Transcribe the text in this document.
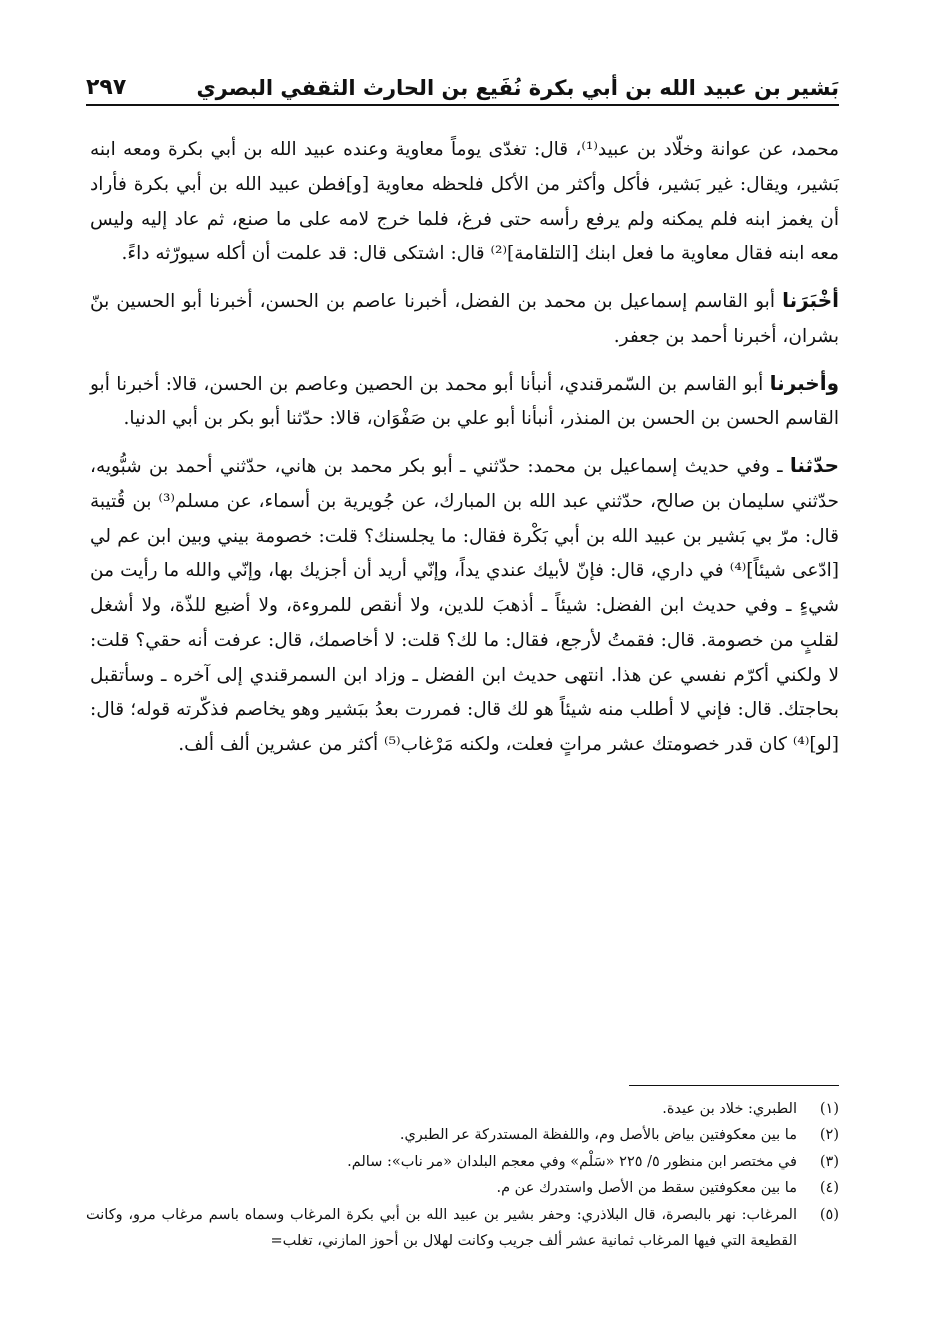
بَشير بن عبيد الله بن أبي بكرة نُفَيع بن الحارث الثقفي البصري
٢٩٧

محمد، عن عوانة وخلّاد بن عبيد⁽¹⁾، قال: تغدّى يوماً معاوية وعنده عبيد الله بن أبي بكرة ومعه ابنه بَشير، ويقال: غير بَشير، فأكل وأكثر من الأكل فلحظه معاوية [و]فطن عبيد الله بن أبي بكرة فأراد أن يغمز ابنه فلم يمكنه ولم يرفع رأسه حتى فرغ، فلما خرج لامه على ما صنع، ثم عاد إليه وليس معه ابنه فقال معاوية ما فعل ابنك [التلقامة]⁽²⁾ قال: اشتكى قال: قد علمت أن أكله سيورّثه داءً.

أخْبَرَنا أبو القاسم إسماعيل بن محمد بن الفضل، أخبرنا عاصم بن الحسن، أخبرنا أبو الحسين بنّ بشران، أخبرنا أحمد بن جعفر.

وأخبرنا أبو القاسم بن السّمرقندي، أنبأنا أبو محمد بن الحصين وعاصم بن الحسن، قالا: أخبرنا أبو القاسم الحسن بن الحسن بن المنذر، أنبأنا أبو علي بن صَفْوَان، قالا: حدّثنا أبو بكر بن أبي الدنيا.

حدّثنا ـ وفي حديث إسماعيل بن محمد: حدّثني ـ أبو بكر محمد بن هاني، حدّثني أحمد بن شبُّويه، حدّثني سليمان بن صالح، حدّثني عبد الله بن المبارك، عن جُويرية بن أسماء، عن مسلم⁽³⁾ بن قُتيبة قال: مرّ بي بَشير بن عبيد الله بن أبي بَكْرة فقال: ما يجلسنك؟ قلت: خصومة بيني وبين ابن عم لي [ادّعى شيئاً]⁽⁴⁾ في داري، قال: فإنّ لأبيك عندي يداً، وإنّي أريد أن أجزيك بها، وإنّي والله ما رأيت من شيءٍ ـ وفي حديث ابن الفضل: شيئاً ـ أذهبَ للدين، ولا أنقص للمروءة، ولا أضيع للذّة، ولا أشغل لقلبٍ من خصومة. قال: فقمتُ لأرجع، فقال: ما لك؟ قلت: لا أخاصمك، قال: عرفت أنه حقي؟ قلت: لا ولكني أكرّم نفسي عن هذا. انتهى حديث ابن الفضل ـ وزاد ابن السمرقندي إلى آخره ـ وسأتقبل بحاجتك. قال: فإني لا أطلب منه شيئاً هو لك قال: فمررت بعدُ ببَشير وهو يخاصم فذكّرته قوله؛ قال: [لو]⁽⁴⁾ كان قدر خصومتك عشر مراتٍ فعلت، ولكنه مَرْغاب⁽⁵⁾ أكثر من عشرين ألف ألف.

(١)
الطبري: خلاد بن عيدة.
(٢)
ما بين معكوفتين بياض بالأصل وم، واللفظة المستدركة عر الطبري.
(٣)
في مختصر ابن منظور ٥/ ٢٢٥ «سَلْم» وفي معجم البلدان «مر ناب»: سالم.
(٤)
ما بين معكوفتين سقط من الأصل واستدرك عن م.
(٥)
المرغاب: نهر بالبصرة، قال البلاذري: وحفر بشير بن عبيد الله بن أبي بكرة المرغاب وسماه باسم مرغاب مرو، وكانت القطيعة التي فيها المرغاب ثمانية عشر ألف جريب وكانت لهلال بن أحوز المازني، تغلب=
